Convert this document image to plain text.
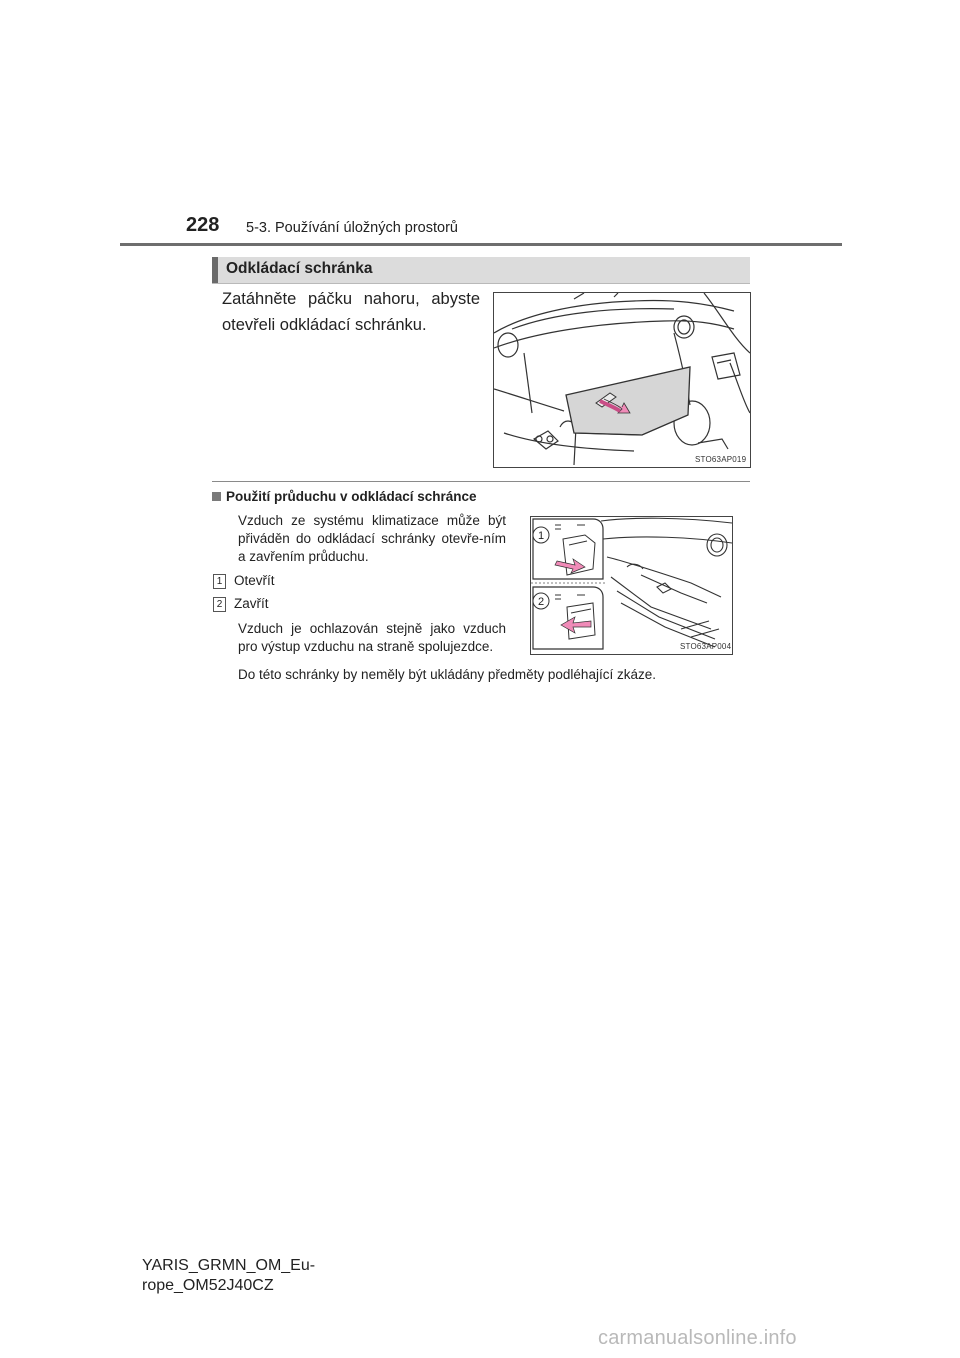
228 5-3. Používání úložných prostorů
Odkládací schránka
Zatáhněte páčku nahoru, abyste otevřeli odkládací schránku.
STO63AP019
Použití průduchu v odkládací schránce
Vzduch ze systému klimatizace může být přiváděn do odkládací schránky otevře-ním a zavřením průduchu.
1 Otevřít
2 Zavřít
Vzduch je ochlazován stejně jako vzduch pro výstup vzduchu na straně spolujezdce.
Do této schránky by neměly být ukládány předměty podléhající zkáze.
1
2
STO63AP004
YARIS_GRMN_OM_Eu-
rope_OM52J40CZ
carmanualsonline.info
